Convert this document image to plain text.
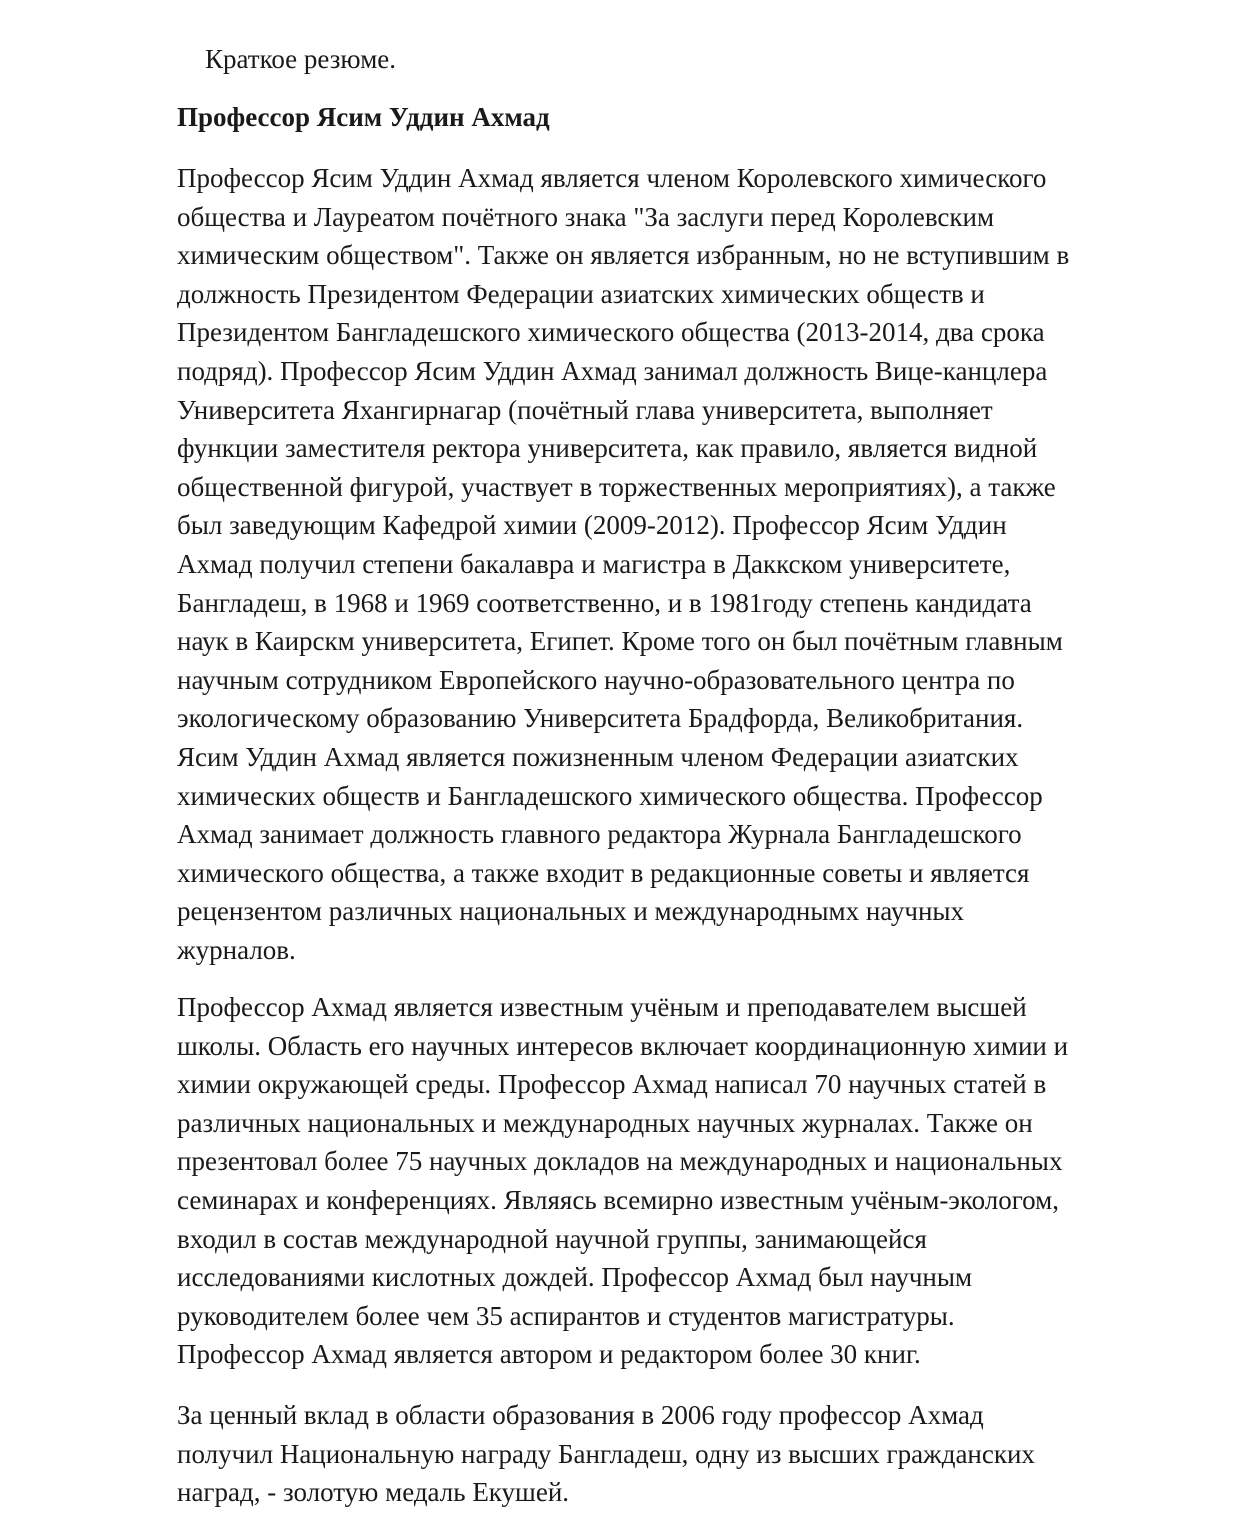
Краткое резюме.

Профессор Ясим Уддин Ахмад

Профессор Ясим Уддин Ахмад является членом Королевского химического
общества и Лауреатом почётного знака "За заслуги перед Королевским
химическим обществом". Также он является избранным, но не вступившим в
должность Президентом Федерации азиатских химических обществ и
Президентом Бангладешского химического общества (2013-2014, два срока
подряд). Профессор Ясим Уддин Ахмад занимал должность Вице-канцлера
Университета Яхангирнагар (почётный глава университета, выполняет
функции заместителя ректора университета, как правило, является видной
общественной фигурой, участвует в торжественных мероприятиях), а также
был заведующим Кафедрой химии (2009-2012). Профессор Ясим Уддин
Ахмад получил степени бакалавра и магистра в Даккском университете,
Бангладеш, в 1968 и 1969 соответственно, и в 1981году степень кандидата
наук в Каирскм университета, Египет. Кроме того он был почётным главным
научным сотрудником Европейского научно-образовательного центра по
экологическому образованию Университета Брадфорда, Великобритания.
Ясим Уддин Ахмад является пожизненным членом Федерации азиатских
химических обществ и Бангладешского химического общества. Профессор
Ахмад занимает должность главного редактора Журнала Бангладешского
химического общества, а также входит в редакционные советы и является
рецензентом различных национальных и международнымх научных
журналов.

Профессор Ахмад является известным учёным и преподавателем высшей
школы. Область его научных интересов включает координационную химии и
химии окружающей среды. Профессор Ахмад написал 70 научных статей в
различных национальных и международных научных журналах. Также он
презентовал более 75 научных докладов на международных и национальных
семинарах и конференциях. Являясь всемирно известным учёным-экологом,
входил в состав международной научной группы, занимающейся
исследованиями кислотных дождей. Профессор Ахмад был научным
руководителем более чем 35 аспирантов и студентов магистратуры.
Профессор Ахмад является автором и редактором более 30 книг.

За ценный вклад в области образования в 2006 году профессор Ахмад
получил Национальную награду Бангладеш, одну из высших гражданских
наград, - золотую медаль Екушей.
